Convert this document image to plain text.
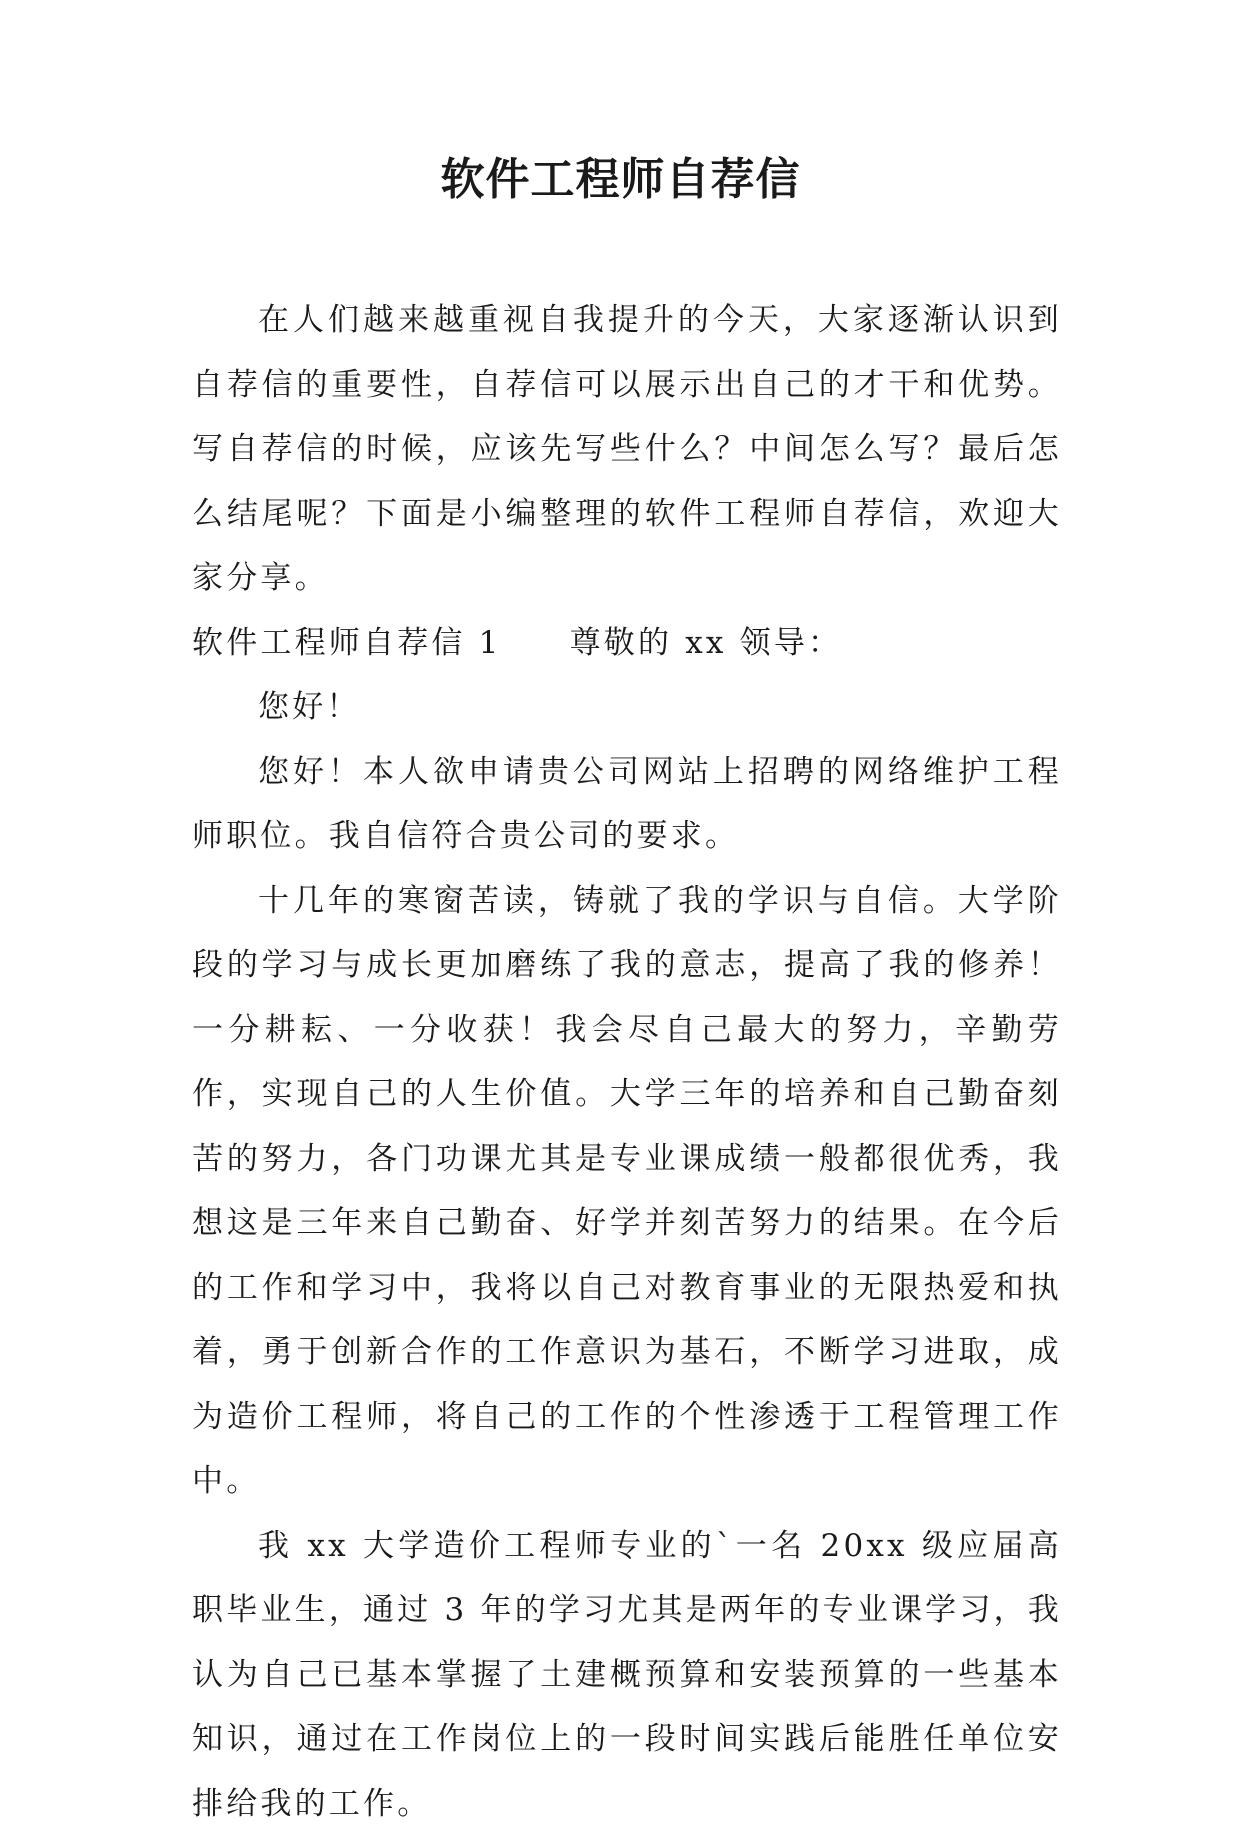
软件工程师自荐信

在人们越来越重视自我提升的今天，大家逐渐认识到自荐信的重要性，自荐信可以展示出自己的才干和优势。写自荐信的时候，应该先写些什么？中间怎么写？最后怎么结尾呢？下面是小编整理的软件工程师自荐信，欢迎大家分享。

软件工程师自荐信 1 尊敬的 xx 领导：

您好！

您好！本人欲申请贵公司网站上招聘的网络维护工程师职位。我自信符合贵公司的要求。

十几年的寒窗苦读，铸就了我的学识与自信。大学阶段的学习与成长更加磨练了我的意志，提高了我的修养！一分耕耘、一分收获！我会尽自己最大的努力，辛勤劳作，实现自己的人生价值。大学三年的培养和自己勤奋刻苦的努力，各门功课尤其是专业课成绩一般都很优秀，我想这是三年来自己勤奋、好学并刻苦努力的结果。在今后的工作和学习中，我将以自己对教育事业的无限热爱和执着，勇于创新合作的工作意识为基石，不断学习进取，成为造价工程师，将自己的工作的个性渗透于工程管理工作中。

我 xx 大学造价工程师专业的`一名 20xx 级应届高职毕业生，通过 3 年的学习尤其是两年的专业课学习，我认为自己已基本掌握了土建概预算和安装预算的一些基本知识，通过在工作岗位上的一段时间实践后能胜任单位安排给我的工作。
